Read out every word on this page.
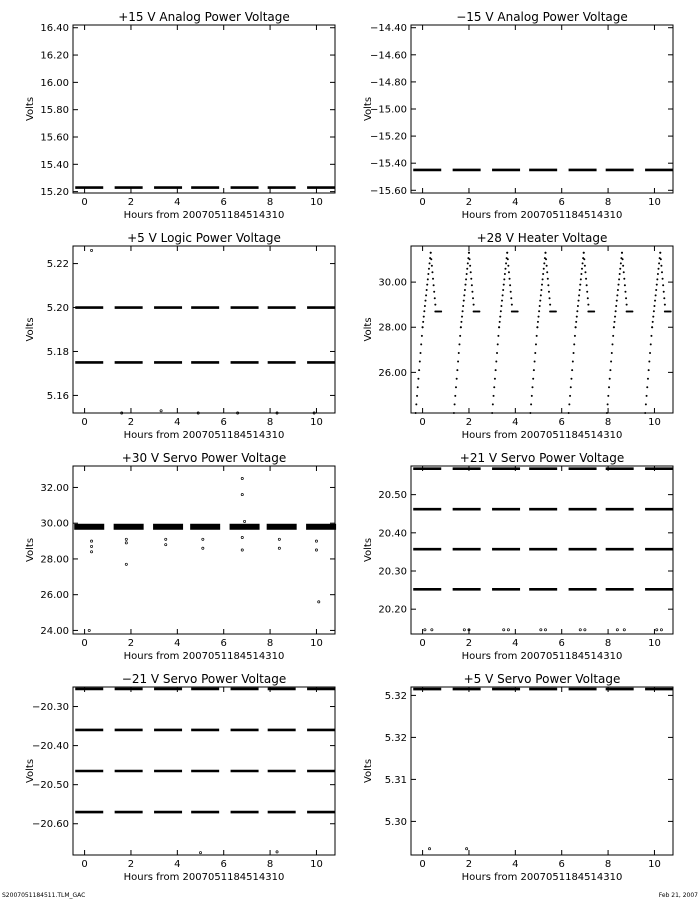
+15 V Analog Power Voltage
Hours from 2007051184514310
Volts
0	2	4	6	8	10
15.20
15.40
15.60
15.80
16.00
16.20
16.40
−15 V Analog Power Voltage
Hours from 2007051184514310
Volts
0	2	4	6	8	10
−15.60
−15.40
−15.20
−15.00
−14.80
−14.60
−14.40
+5 V Logic Power Voltage
Hours from 2007051184514310
Volts
0	2	4	6	8	10
5.16
5.18
5.20
5.22
+28 V Heater Voltage
Hours from 2007051184514310
Volts
0	2	4	6	8	10
26.00
28.00
30.00
+30 V Servo Power Voltage
Hours from 2007051184514310
Volts
0	2	4	6	8	10
24.00
26.00
28.00
30.00
32.00
+21 V Servo Power Voltage
Hours from 2007051184514310
Volts
0	2	4	6	8	10
20.20
20.30
20.40
20.50
−21 V Servo Power Voltage
Hours from 2007051184514310
Volts
0	2	4	6	8	10
−20.60
−20.50
−20.40
−20.30
+5 V Servo Power Voltage
Hours from 2007051184514310
Volts
0	2	4	6	8	10
5.30
5.31
5.32
5.32
S2007051184511.TLM_GAC	Feb 21, 2007
